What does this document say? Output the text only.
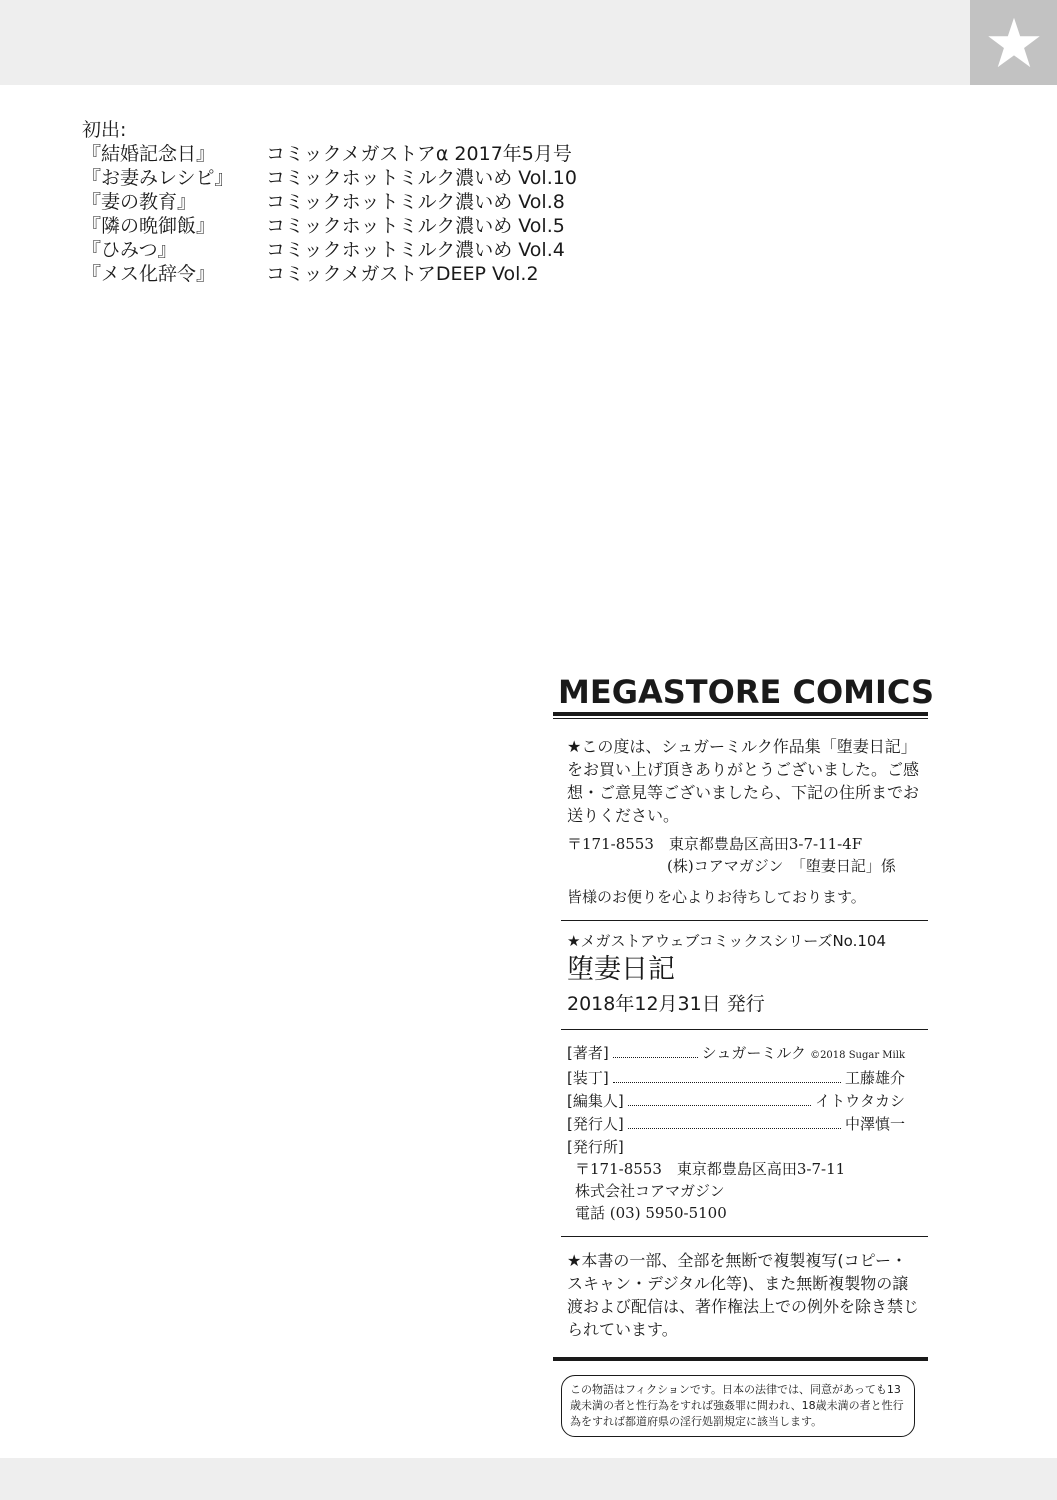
初出:
『結婚記念日』	コミックメガストアα 2017年5月号
『お妻みレシピ』	コミックホットミルク濃いめ Vol.10
『妻の教育』	コミックホットミルク濃いめ Vol.8
『隣の晩御飯』	コミックホットミルク濃いめ Vol.5
『ひみつ』	コミックホットミルク濃いめ Vol.4
『メス化辞令』	コミックメガストアDEEP Vol.2
MEGASTORE COMICS
★この度は、シュガーミルク作品集「堕妻日記」をお買い上げ頂きありがとうございました。ご感想・ご意見等ございましたら、下記の住所までお送りください。
〒171-8553　東京都豊島区高田3-7-11-4F
(株)コアマガジン　「堕妻日記」係
皆様のお便りを心よりお待ちしております。
★メガストアウェブコミックスシリーズNo.104
堕妻日記
2018年12月31日 発行
[著者]	シュガーミルク ©2018 Sugar Milk
[装丁]	工藤雄介
[編集人]	イトウタカシ
[発行人]	中澤慎一
[発行所]
〒171-8553　東京都豊島区高田3-7-11
株式会社コアマガジン
電話 (03) 5950-5100
★本書の一部、全部を無断で複製複写(コピー・スキャン・デジタル化等)、また無断複製物の譲渡および配信は、著作権法上での例外を除き禁じられています。
この物語はフィクションです。日本の法律では、同意があっても13歳未満の者と性行為をすれば強姦罪に問われ、18歳未満の者と性行為をすれば都道府県の淫行処罰規定に該当します。
